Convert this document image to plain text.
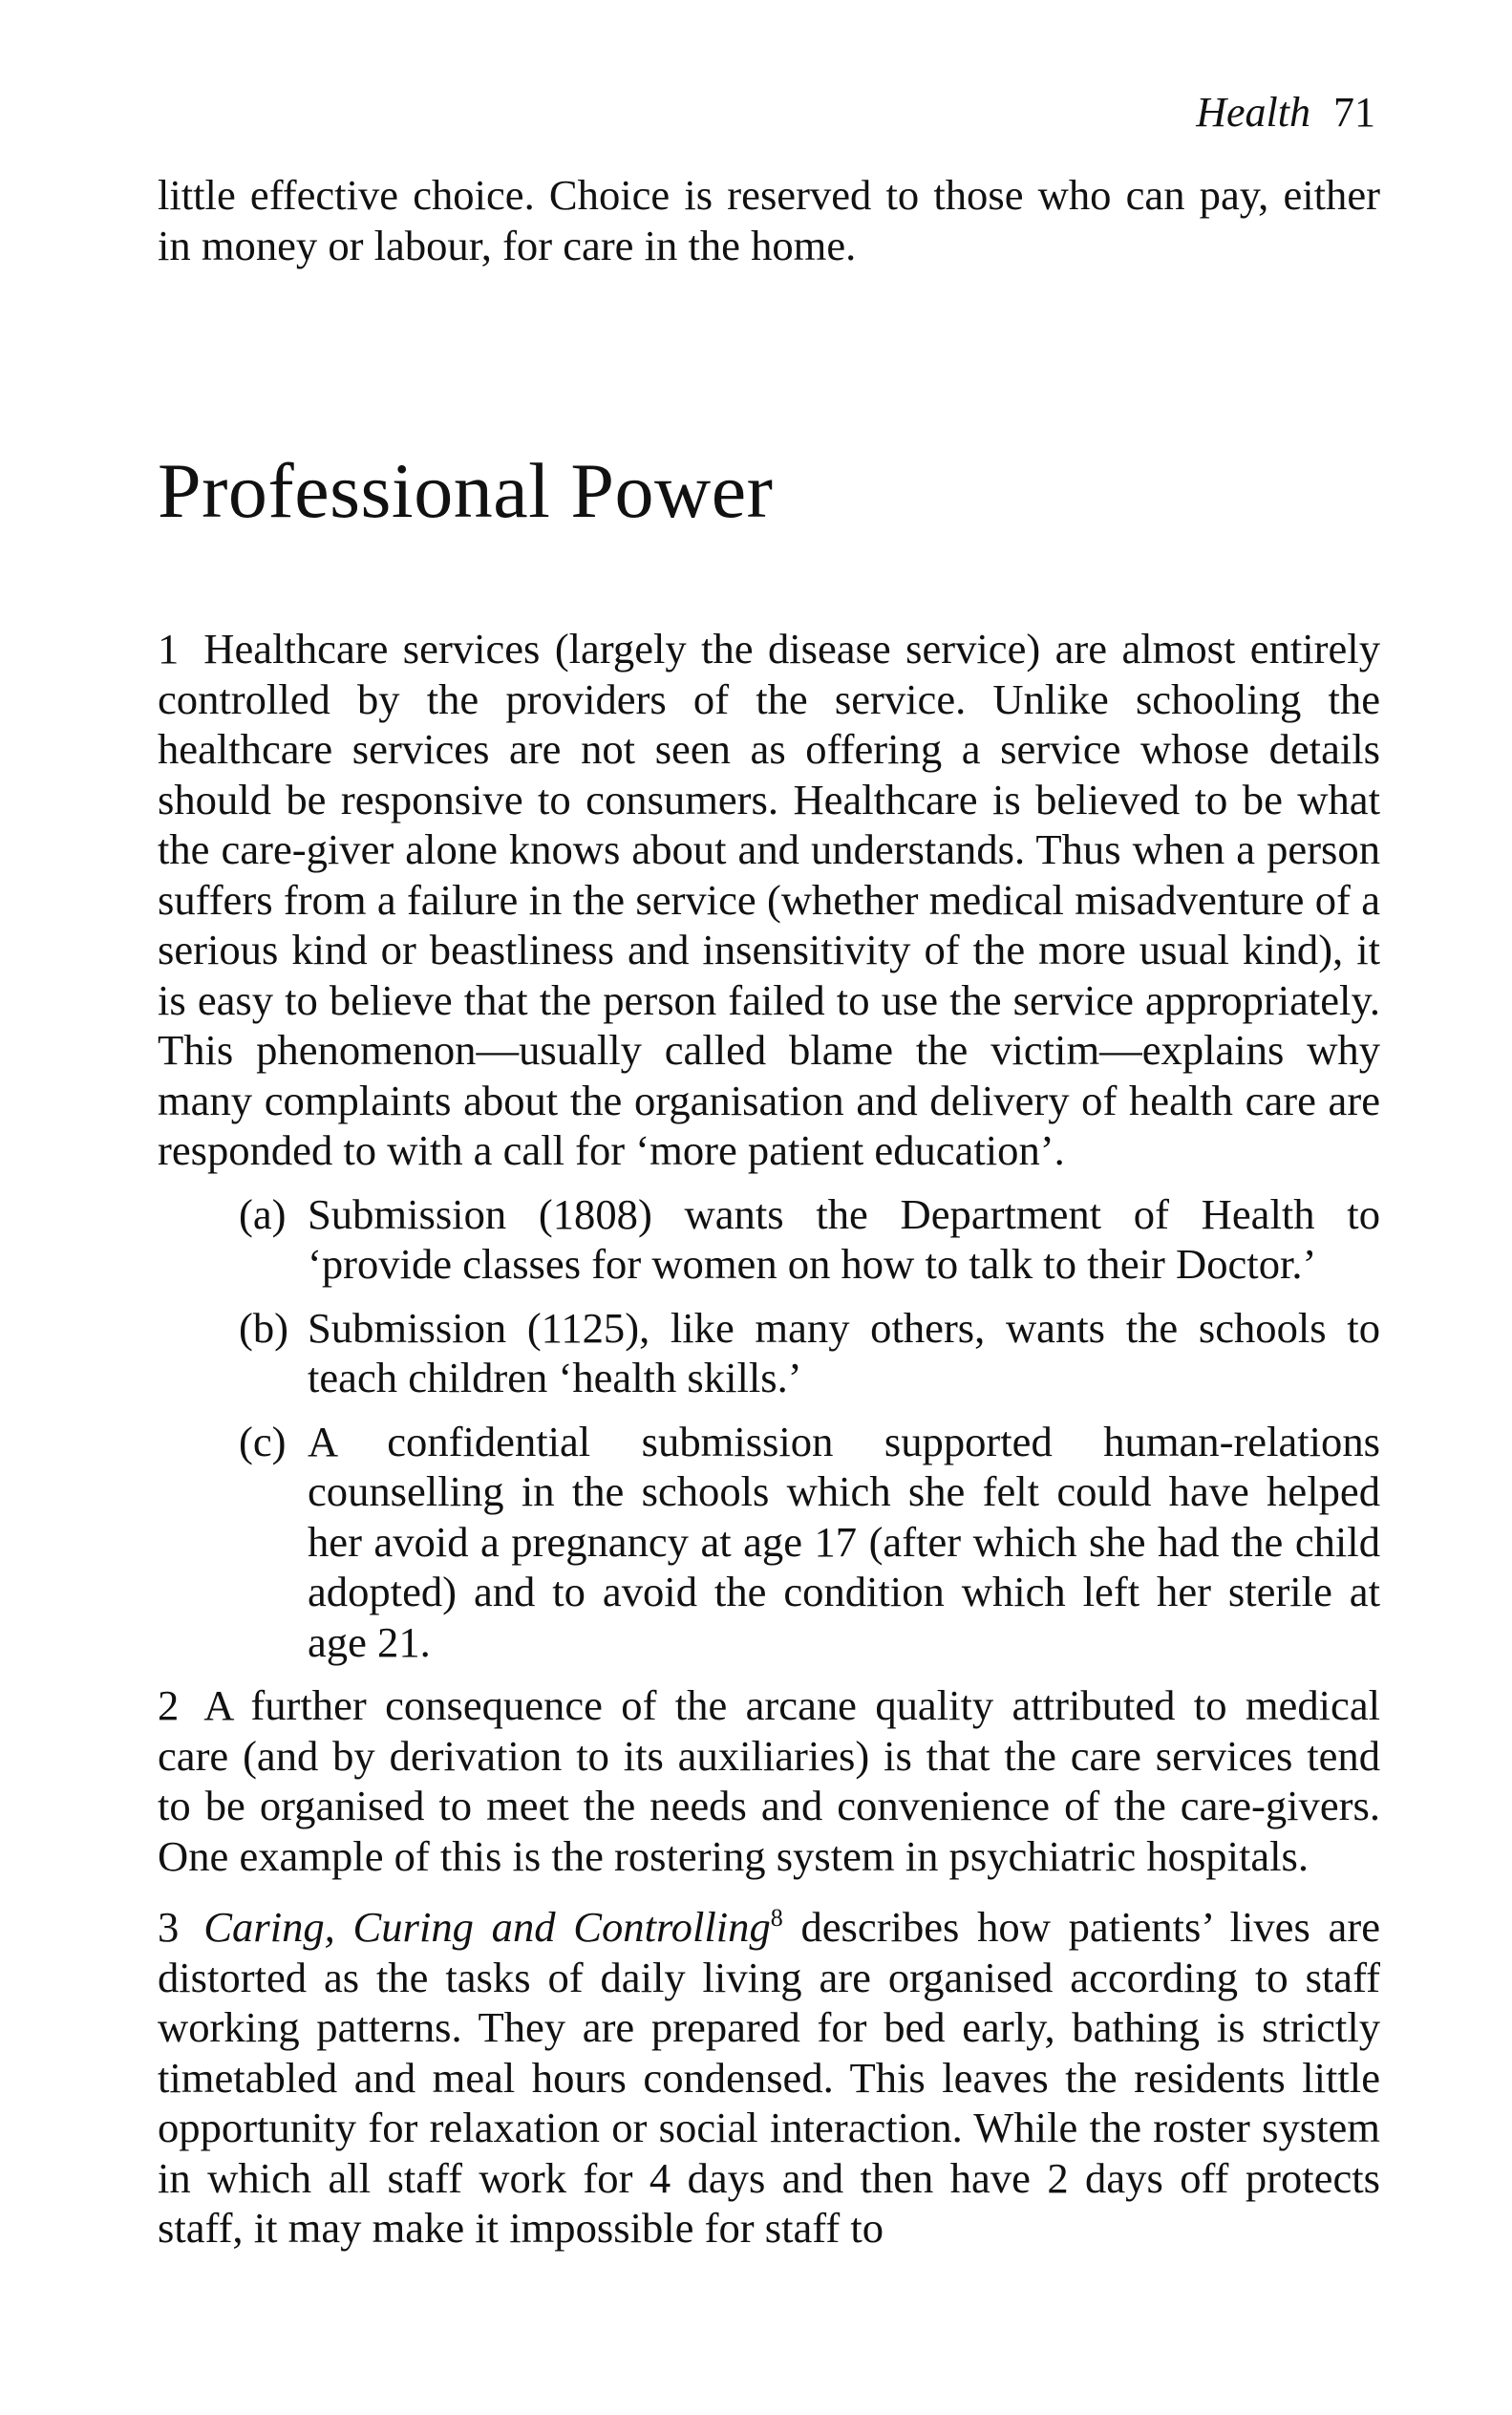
Health 71

little effective choice. Choice is reserved to those who can pay, either in money or labour, for care in the home.

Professional Power

1 Healthcare services (largely the disease service) are almost entirely controlled by the providers of the service. Unlike schooling the healthcare services are not seen as offering a service whose details should be responsive to consumers. Healthcare is believed to be what the care-giver alone knows about and understands. Thus when a person suffers from a failure in the service (whether medical misadventure of a serious kind or beastliness and insensitivity of the more usual kind), it is easy to believe that the person failed to use the service appropriately. This phenomenon—usually called blame the victim—explains why many complaints about the organisation and delivery of health care are responded to with a call for ‘more patient education’.

(a) Submission (1808) wants the Department of Health to ‘provide classes for women on how to talk to their Doctor.’

(b) Submission (1125), like many others, wants the schools to teach children ‘health skills.’

(c) A confidential submission supported human-relations counselling in the schools which she felt could have helped her avoid a pregnancy at age 17 (after which she had the child adopted) and to avoid the condition which left her sterile at age 21.

2 A further consequence of the arcane quality attributed to medical care (and by derivation to its auxiliaries) is that the care services tend to be organised to meet the needs and convenience of the care-givers. One example of this is the rostering system in psychiatric hospitals.

3 Caring, Curing and Controlling$^8$ describes how patients’ lives are distorted as the tasks of daily living are organised according to staff working patterns. They are prepared for bed early, bathing is strictly timetabled and meal hours condensed. This leaves the residents little opportunity for relaxation or social interaction. While the roster system in which all staff work for 4 days and then have 2 days off protects staff, it may make it impossible for staff to
